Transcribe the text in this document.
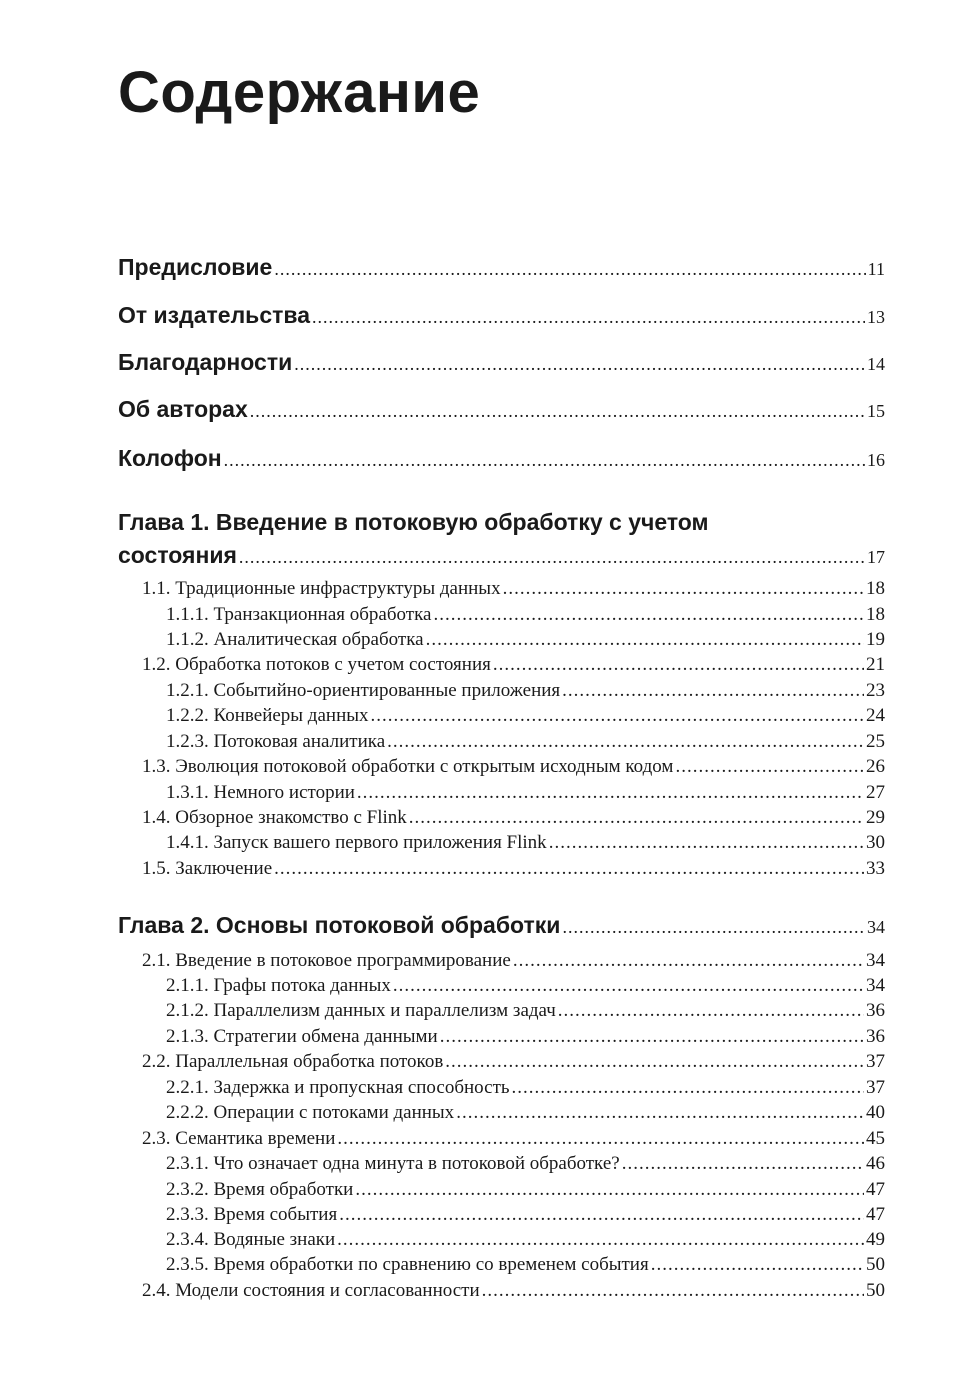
Содержание
Предисловие .....	11
От издательства .....	13
Благодарности .....	14
Об авторах .....	15
Колофон .....	16
Глава 1. Введение в потоковую обработку с учетом
состояния .....	17
1.1. Традиционные инфраструктуры данных .....	18
1.1.1. Транзакционная обработка .....	18
1.1.2. Аналитическая обработка .....	19
1.2. Обработка потоков с учетом состояния .....	21
1.2.1. Событийно-ориентированные приложения .....	23
1.2.2. Конвейеры данных .....	24
1.2.3. Потоковая аналитика .....	25
1.3. Эволюция потоковой обработки с открытым исходным кодом .....	26
1.3.1. Немного истории .....	27
1.4. Обзорное знакомство с Flink .....	29
1.4.1. Запуск вашего первого приложения Flink .....	30
1.5. Заключение .....	33
Глава 2. Основы потоковой обработки .....	34
2.1. Введение в потоковое программирование .....	34
2.1.1. Графы потока данных .....	34
2.1.2. Параллелизм данных и параллелизм задач .....	36
2.1.3. Стратегии обмена данными .....	36
2.2. Параллельная обработка потоков .....	37
2.2.1. Задержка и пропускная способность .....	37
2.2.2. Операции с потоками данных .....	40
2.3. Семантика времени .....	45
2.3.1. Что означает одна минута в потоковой обработке? .....	46
2.3.2. Время обработки .....	47
2.3.3. Время события .....	47
2.3.4. Водяные знаки .....	49
2.3.5. Время обработки по сравнению со временем события .....	50
2.4. Модели состояния и согласованности .....	50
